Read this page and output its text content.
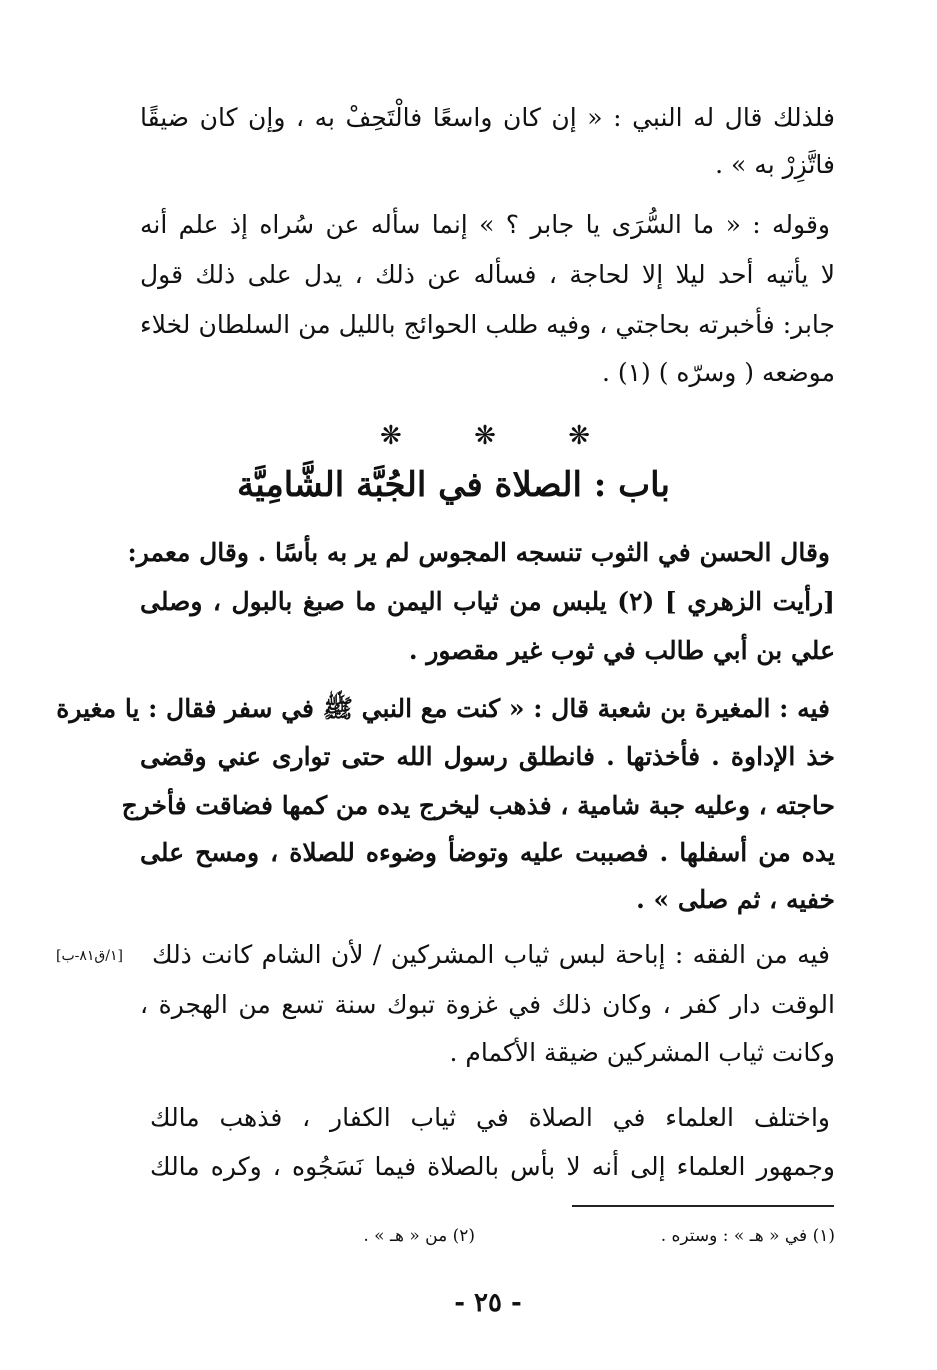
فلذلك قال له النبي : « إن كان واسعًا فالْتَحِفْ به ، وإن كان ضيقًا
فاتَّزِرْ به » .
وقوله : « ما السُّرَى يا جابر ؟ » إنما سأله عن سُراه إذ علم أنه
لا يأتيه أحد ليلا إلا لحاجة ، فسأله عن ذلك ، يدل على ذلك قول
جابر: فأخبرته بحاجتي ، وفيه طلب الحوائج بالليل من السلطان لخلاء
موضعه ( وسرّه ) (١) .
❋	❋	❋
باب : الصلاة في الجُبَّة الشَّامِيَّة
وقال الحسن في الثوب تنسجه المجوس لم ير به بأسًا . وقال معمر:
[رأيت الزهري ] (٢) يلبس من ثياب اليمن ما صبغ بالبول ، وصلى
علي بن أبي طالب في ثوب غير مقصور .
فيه : المغيرة بن شعبة قال : « كنت مع النبي ﷺ في سفر فقال : يا مغيرة
خذ الإداوة . فأخذتها . فانطلق رسول الله حتى توارى عني وقضى
حاجته ، وعليه جبة شامية ، فذهب ليخرج يده من كمها فضاقت فأخرج
يده من أسفلها . فصببت عليه وتوضأ وضوءه للصلاة ، ومسح على
خفيه ، ثم صلى » .
فيه من الفقه : إباحة لبس ثياب المشركين / لأن الشام كانت ذلك
[١/ق٨١-ب]
الوقت دار كفر ، وكان ذلك في غزوة تبوك سنة تسع من الهجرة ،
وكانت ثياب المشركين ضيقة الأكمام .
واختلف العلماء في الصلاة في ثياب الكفار ، فذهب مالك
وجمهور العلماء إلى أنه لا بأس بالصلاة فيما نَسَجُوه ، وكره مالك
(١) في « هـ » : وستره .
(٢) من « هـ » .
- ٢٥ -
